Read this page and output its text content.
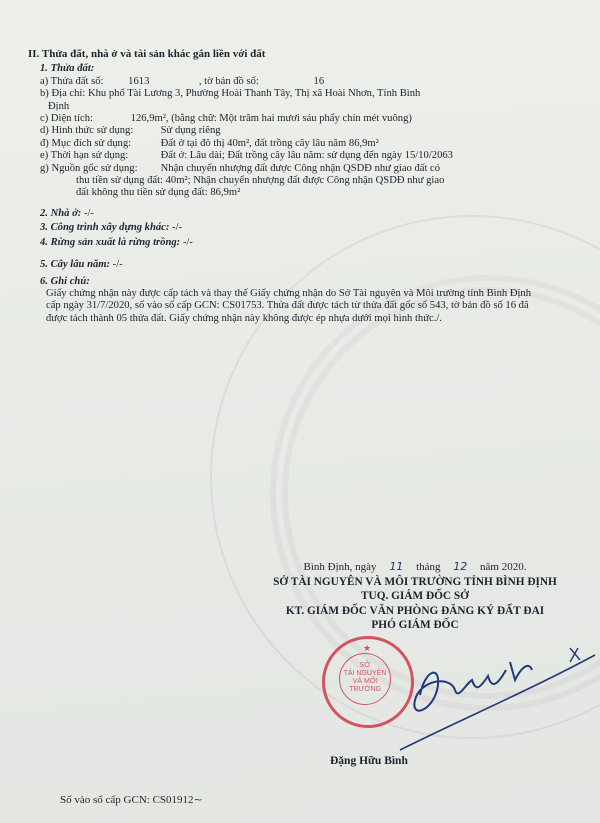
II. Thửa đất, nhà ở và tài sản khác gắn liền với đất
1. Thửa đất:
a) Thửa đất số: 1613	, tờ bản đồ số:	16
b) Địa chỉ: Khu phố Tài Lương 3, Phường Hoài Thanh Tây, Thị xã Hoài Nhơn, Tỉnh Bình
Định
c) Diện tích:	126,9m², (bằng chữ: Một trăm hai mươi sáu phẩy chín mét vuông)
d) Hình thức sử dụng:	Sử dụng riêng
đ) Mục đích sử dụng:	Đất ở tại đô thị 40m², đất trồng cây lâu năm 86,9m²
e) Thời hạn sử dụng:	Đất ở: Lâu dài; Đất trồng cây lâu năm: sử dụng đến ngày 15/10/2063
g) Nguồn gốc sử dụng: Nhận chuyển nhượng đất được Công nhận QSDĐ như giao đất có
thu tiền sử dụng đất: 40m²; Nhận chuyển nhượng đất được Công nhận QSDĐ như giao
đất không thu tiền sử dụng đất: 86,9m²
2. Nhà ở: -/-
3. Công trình xây dựng khác: -/-
4. Rừng sản xuất là rừng trồng: -/-
5. Cây lâu năm: -/-
6. Ghi chú:
Giấy chứng nhận này được cấp tách và thay thế Giấy chứng nhận do Sở Tài nguyên và Môi trường tỉnh Bình Định cấp ngày 31/7/2020, số vào sổ cấp GCN: CS01753. Thửa đất được tách từ thửa đất gốc số 543, tờ bản đồ số 16 đã được tách thành 05 thửa đất. Giấy chứng nhận này không được ép nhựa dưới mọi hình thức./.
Bình Định, ngày 11 tháng 12 năm 2020.
SỞ TÀI NGUYÊN VÀ MÔI TRƯỜNG TỈNH BÌNH ĐỊNH
TUQ. GIÁM ĐỐC SỞ
KT. GIÁM ĐỐC VĂN PHÒNG ĐĂNG KÝ ĐẤT ĐAI
PHÓ GIÁM ĐỐC
★
SỞ
TÀI NGUYÊN
VÀ MÔI TRƯỜNG
Đặng Hữu Bình
Số vào sổ cấp GCN: CS01912~
